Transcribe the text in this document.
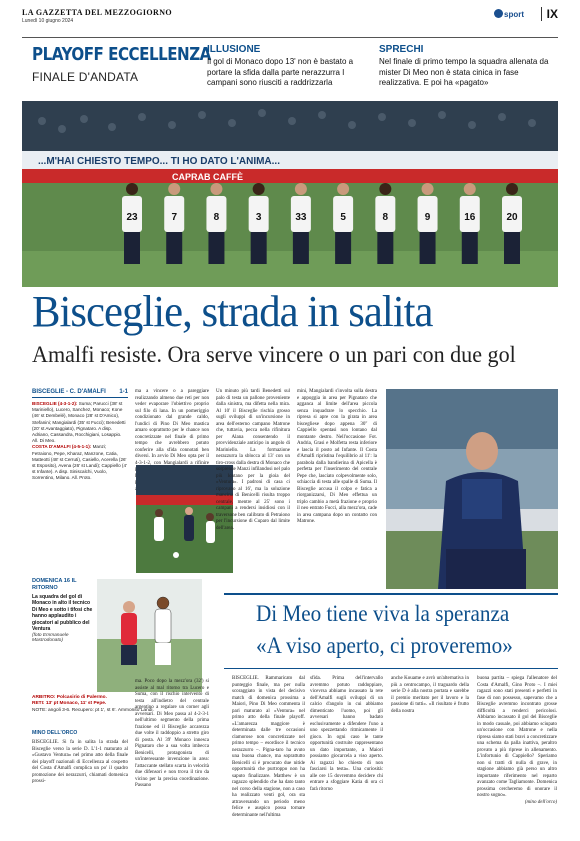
LA GAZZETTA DEL MEZZOGIORNO
Lunedì 10 giugno 2024
sport	IX
PLAYOFF ECCELLENZA
FINALE D'ANDATA
ILLUSIONE
Il gol di Monaco dopo 13' non è bastato a portare la sfida dalla parte nerazzurra I campani sono riusciti a raddrizzarla
SPRECHI
Nel finale di primo tempo la squadra allenata da mister Di Meo non è stata cinica in fase realizzativa. E poi ha «pagato»
...M'HAI CHIESTO TEMPO... TI HO DATO L'ANIMA...
CAPRAB CAFFÈ
23	7	8	3	33	5	8	9	16	20
Bisceglie, strada in salita
Amalfi resiste. Ora serve vincere o un pari con due gol
BISCEGLIE - C. D'AMALFI 1-1
BISCEGLIE (4-3-1-2): Suma; Parucci (38' st Mariniello), Lucero, Sanchez, Monaco; Kone (46' st Dembelé), Monaco (28' st D'Amico), Stefanini; Mangialardi (35' st Fucci); Benedetti (20' st Avantaggiato), Pignataro. A disp. Adriano, Cassandra, Rocchigiani, Losappio. All. Di Meo.
COSTA D'AMALFI (4-5-1-1): Manzi; Fetraiono, Pepe, Kharaz, Manzone, Catia, Matteotti (48' st Cerruti), Casiello, Acerella (26' st Esposito), Avena (26' st Landi); Cappiello (4' st Infante). A disp. Siniscalchi, Vuolo, Sorrentino, Milano. All. Proto.
ma a vincere o a pareggiare realizzando almeno due reti per non veder evaporare l'obiettivo proprio sul filo di lana. In un pomeriggio condizionato dal grande caldo, l'undici di Pino Di Meo mastica amaro soprattutto per le chance non concretizzate nel finale di primo tempo che avrebbero potuto conferire alla sfida connotati ben diversi. In avvio Di Meo opta per il 4-3-1-2, con Mangialardi a rifinire
Un minuto più tardi Benedetti sul palo di testa un pallone proveniente dalla sinistra, ma difetta nella mira. Al 10' il Bisceglie rischia grosso sugli sviluppi di un'incursione in area dell'esterno campano Matrone che, tuttavia, pecca nella rifinitura per Alana consentendo il provvidenziale anticipo in angolo di Mariniello. La formazione nerazzurra la sblocca al 13' con un tiro-cross dalla destra di Monaco che sorprende Manzi infilandosi nel palo più lontano per la gioia del «Ventura». I padroni di casa ci riprovano al 16', ma la soluzione mancina di Benicelli risulta troppo centrale, mentre al 25' sono i campani a rendersi insidiosi con il traversone ben calibrato di Petraiono per l'incursione di Cuparo dal limite dell'area.
mini, Mangialardi s'involta sulla destra e appoggia in area per Pignataro che agganca al limite dell'area piccola senza inquadrare lo specchio. La ripresa si apre con la girata in area biscegliese dopo appena 30" di Cappiello spentasi non lontano dal montante destro. Nell'occasione Fot. Andria, Grasi e Molfetta resta inferiore e lascia il posto ad Infante. Il Costa d'Amalfi ripristina l'equilibrio al 11': la parabola dalla bandierina di Apicella è perfetta per l'inserimento del centrale Pepe che, lasciato colpevolmente solo, schiaccia di testa alle spalle di Suma. Il Bisceglie accusa il colpo e fatica a riorganizzarsi, Di Meo effettua un triplo cambio a metà frazione e proprio il neo entrato Fucci, alla mezz'ora, cade in area campana dopo un contatto con Matrone.
DOMENICA 16 IL RITORNO
La squadra del gol di Monaco in alto il tecnico Di Meo e sotto i tifosi che hanno applaudito i giocatori al pubblico del Ventura
(foto Emmanuele Mastrodonato)
ARBITRO: Polcasirio di Palermo.
RETI: 13' pt Monaco, 11' st Pepe.
NOTE: angoli 3-6. Recupero: pt 1', st 6'. Ammonito Landi.
MINO DELL'ORCO
BISCEGLIE. Si fa in salita la strada del Bisceglie verso la serie D. L'1-1 maturato al «Gustavo Ventura» nel primo atto della finale dei playoff nazionali di Eccellenza al cospetto del Costa d'Amalfi complica un po' il quadro promozione dei nerazzurri, chiamati domenica prossi-
ma. Poco dopo la mezz'ora (32') si assiste al mal ritorno tra Lucero e Suma, con il rischio intervento di testa all'indietro del centrale argentino a regalare un corner agli avversari. Di Meo passa al 4-2-3-1 nell'ultimo segmento della prima frazione ed il Bisceglie accarezza due volte il raddoppio a stretto giro di posta. Al 39' Monaco innesca Pignataro che a sua volta imbecca Benicelli, protagonista di un'interessante invenzione in area: l'attaccante stellato scarta in velocità due difensori e non trova il tiro da vicino per la precisa coordinazione. Passano
Di Meo tiene viva la speranza
«A viso aperto, ci proveremo»
BISCEGLIE. Rammaricato dal punteggio finale, ma per nulla scoraggiato in vista del decisivo match di domenica prossima a Maiori, Pino Di Meo commenta il pari maturato al «Ventura» nel primo atto della finale playoff. «L'amarezza maggiore è determinata dalle tre occasioni clamorose non concretizzate nel primo tempo – esordisce il tecnico nerazzurro –. Pigna-taro ha avuto una buona chance, ma soprattutto Benicelli si è procurato due nitide opportunità che purtroppo non ha saputo finalizzare. Matthew è un ragazzo splendido che ha dato tanto nel corso della stagione, non a caso ha realizzato venti gol, ora sta attraversando un periodo meno felice e auspico possa tornare determinante nell'ultima
sfida. Prima dell'intervallo avremmo potuto raddoppiare, vicevrsa abbiamo incassato la rete dell'Amalfi sugli sviluppi di un calcio d'angolo in cui abbiamo dimenticato l'uomo, poi gli avversari hanno badato esclusivamente a difendere l'uno a uno spezzettando ritmicamente il gioco. In ogni caso le tante opportunità costruite rappresentano un dato importante, a Maiori possiamo giocarcela a viso aperto. Ai ragazzi ho chiesto di non fasciarsi la testa». Una curiosità: alle ore 15 dovremmo decidere chi entrare a sfoggiare Katia di ora ci farà ritorno
anche Kouame e avrò un'alternativa in più a centrocampo, il traguardo della serie D è alla nostra portata e sarebbe il premio meritato per il lavoro e la passione di tutti». «Il risultato è frutto della nostra
buona partita – spiega l'allenatore del Costa d'Amalfi, Gino Proto –. I miei ragazzi sono stati presenti e perfetti in fase di non possesso, sapevamo che a Bisceglie avremmo incontrato grosse difficoltà a renderci pericolosi. Abbiamo incassato il gol del Bisceglie in modo casuale, poi abbiamo sciupato un'occasione con Matrone e nella ripresa siamo stati bravi a concretizzare una schema da palla inattiva, peraltro provato a più riprese in allenamento. L'infortunio di Cappiello? Speriamo non si tratti di nulla di grave, in stagione abbiamo già perso un altro importante riferimento nel reparto avanzato come Tagliamonte. Domenica prossima cercheremo di onorare il nostro sogno».
(mino dell'orco)
